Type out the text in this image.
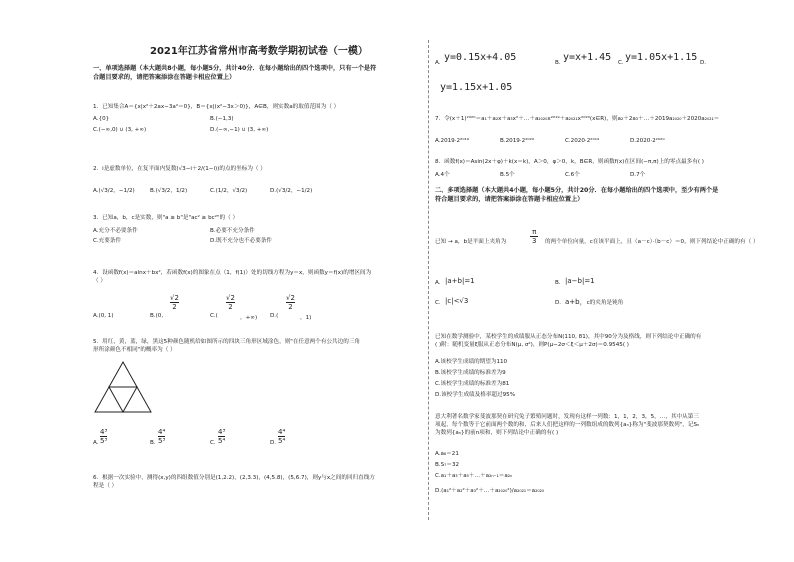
2021年江苏省常州市高考数学期初试卷（一模）
一、单项选择题（本大题共8小题，每小题5分，共计40分．在每小题给出的四个选项中，只有一个是符
合题目要求的，请把答案添涂在答题卡相应位置上）
1．已知集合A＝{x|x²＋2ax−3a²＝0}，B＝{x|(x²−3x＞0)}，A∈B，则实数a的取值范围为（ ）
A.{0}	B.(−1,3)
C.(−∞,0) ∪ (3, +∞)	D.(−∞,−1) ∪ (3, +∞)
2．i是虚数单位，在复平面内复数(√3−i＋2/(1−i))的点的坐标为（ ）
A.(√3/2，−1/2)	B.(√3/2，1/2)	C.(1/2，√3/2)	D.(√3/2，−1/2)
3．已知a，b，c是实数，则"a ≥ b"是"ac² ≥ bc²"的（ ）
A.充分不必要条件	B.必要不充分条件
C.充要条件	D.既不充分也不必要条件
4．设函数f(x)＝alnx＋bx²，若函数f(x)的图象在点（1，f(1)）处的切线方程为y＝x，则函数y＝f(x)的增区间为
（ ）
A.(0, 1)	B.(0,
$\frac{√2}{2}$
C.(
$\frac{√2}{2}$
，+∞) D.(
$\frac{√2}{2}$
，1)
5．用红，黄，蓝，绿，黑这5种颜色随机给如图所示的四块三角形区域涂色，则"在任意两个有公共边的三角
形所涂颜色不相同"的概率为（ ）
A. $\frac{\text{4³}}{\text{5³}}$	B. $\frac{\text{4⁴}}{\text{5³}}$	C. $\frac{\text{4³}}{\text{5⁴}}$	D. $\frac{\text{4⁴}}{\text{5⁴}}$
6．根据一次实验中，测得(x,y)的四组数值分别是(1,2.2)，(2,3.3)，(4,5.8)，(5,6.7)，则y与x之间的回归直线方
程是（ ）
A. y=0.15x+4.05	B. y=x+1.45 C. y=1.05x+1.15 D.
y=1.15x+1.05
7．令(x＋1)²⁰²⁰＝a₁＋a₂x＋a₃x²＋…＋a₂₀₂₀x²⁰¹⁹＋a₂₀₂₁x²⁰²⁰(x∈R)，则a₂＋2a₃＋…＋2019a₂₀₂₀＋2020a₂₀₂₁＝
A.2019·2²⁰¹⁹	B.2019·2²⁰²⁰	C.2020·2²⁰¹⁹	D.2020·2²⁰²⁰
8．函数f(x)＝Asin(2x＋φ)＋k(x＝k)，A＞0，φ＞0，k，B∈R，则函数f(x)在区间(−π,π)上的零点最多有( )
A.4个	B.5个	C.6个	D.7个
二、多项选择题（本大题共4小题，每小题5分，共计20分．在每小题给出的四个选项中，至少有两个是
符合题目要求的，请把答案添涂在答题卡相应位置上）
已知 → a，b是平面上夹角为	$\frac{\pi}{3}$ 的两个单位向量，c在该平面上，且（a－c）·（b－c）＝0，则下列结论中正确的有（ ）
A. |a+b|=1	B. |a−b|=1
C. |c|<√3	D. a+b，c的夹角是钝角
已知在数学测验中，某校学生的成绩服从正态分布N(110, 81)，其中90分为及格线，则下列结论中正确的有
( )附：随机变量ξ服从正态分布N(μ, σ²)，则P(μ−2σ＜ξ＜μ＋2σ)＝0.9545( )
A.该校学生成绩的期望为110
B.该校学生成绩的标准差为9
C.该校学生成绩的标准差为81
D.该校学生成绩及格率超过95%
意大利著名数学家斐波那契在研究兔子繁殖问题时，发现有这样一列数：1，1，2，3，5，…，其中从第三
项起，每个数等于它前面两个数的和，后来人们把这样的一列数组成的数列{aₙ}称为"斐波那契数列"，记Sₙ
为数列{aₙ}的前n项和，则下列结论中正确的有( )
A.a₈＝21
B.S₇＝32
C.a₁＋a₃＋a₅＋…＋a₂ₙ₋₁＝a₂ₙ
D.(a₁²＋a₂²＋a₃²＋…＋a₂₀₂₀²)/a₂₀₂₁＝a₂₀₂₀
